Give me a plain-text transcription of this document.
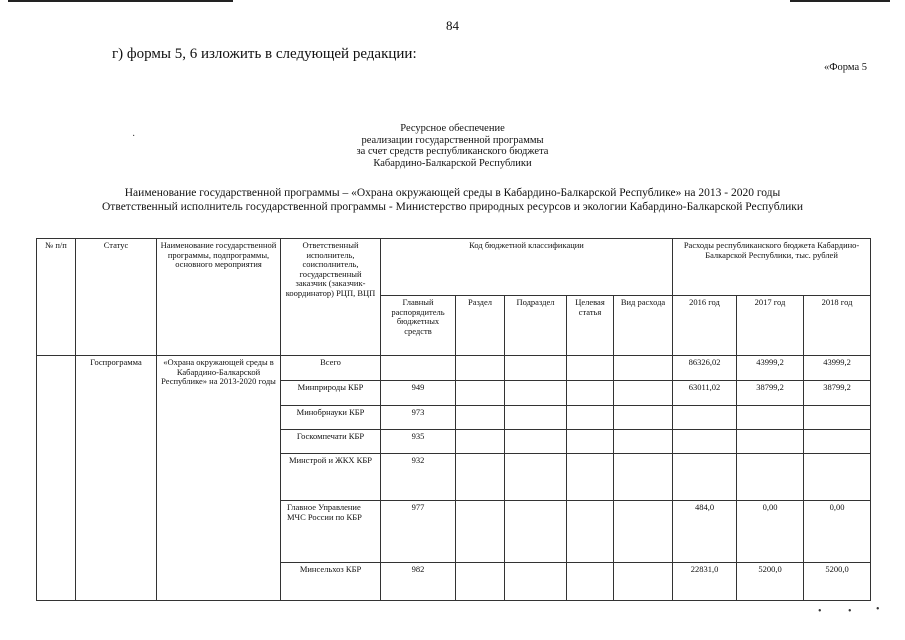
84
г) формы 5, 6 изложить в следующей редакции:
«Форма 5
Ресурсное обеспечение
реализации государственной программы
за счет средств республиканского бюджета
Кабардино-Балкарской Республики
Наименование государственной программы – «Охрана окружающей среды в Кабардино-Балкарской Республике» на 2013 - 2020 годы
Ответственный исполнитель государственной программы - Министерство природных ресурсов и экологии Кабардино-Балкарской Республики
№ п/п	Статус	Наименование государственной программы, подпрограммы, основного мероприятия	Ответственный исполнитель, соисполнитель, государственный заказчик (заказчик-координатор) РЦП, ВЦП	Код бюджетной классификации					Расходы республиканского бюджета Кабардино-Балкарской Республики, тыс. рублей		
				Главный распорядитель бюджетных средств	Раздел	Подраздел	Целевая статья	Вид расхода	2016 год	2017 год	2018 год
	Госпрограмма	«Охрана окружающей среды в Кабардино-Балкарской Республике» на 2013-2020 годы	Всего						86326,02	43999,2	43999,2
			Минприроды КБР	949					63011,02	38799,2	38799,2
			Минобрнауки КБР	973							
			Госкомпечати КБР	935							
			Минстрой и ЖКХ КБР	932							
			Главное Управление МЧС России по КБР	977					484,0	0,00	0,00
			Минсельхоз КБР	982					22831,0	5200,0	5200,0
•	• •
·
